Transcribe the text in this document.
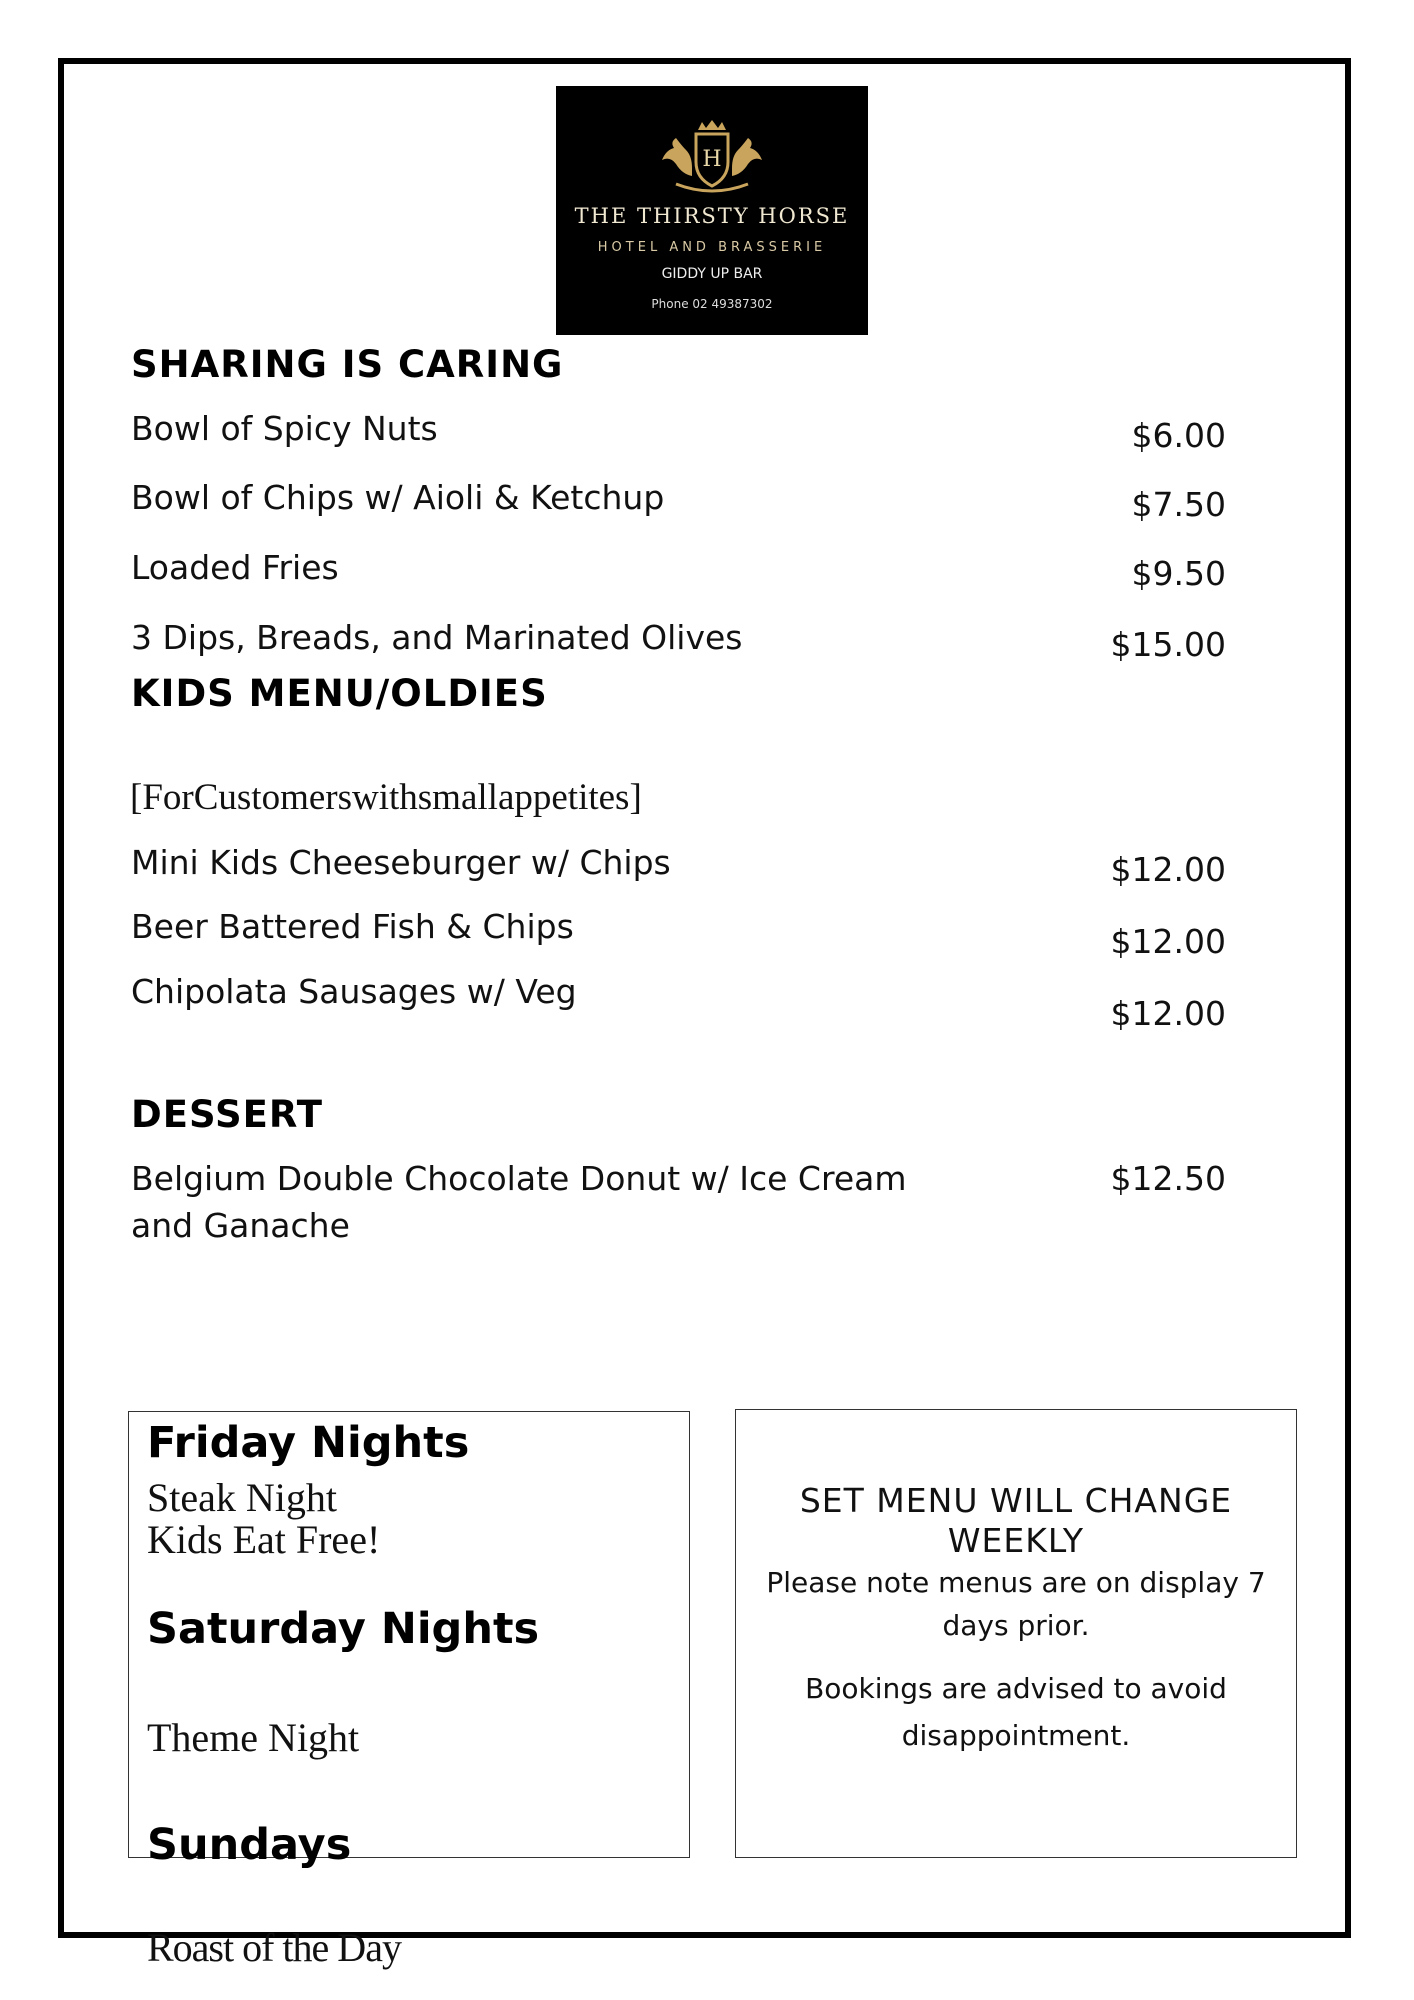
H
THE THIRSTY HORSE
HOTEL AND BRASSERIE
GIDDY UP BAR
Phone 02 49387302
SHARING IS CARING
Bowl of Spicy Nuts	$6.00
Bowl of Chips w/ Aioli & Ketchup	$7.50
Loaded Fries	$9.50
3 Dips, Breads, and Marinated Olives	$15.00
KIDS MENU/OLDIES
[ForCustomerswithsmallappetites]
Mini Kids Cheeseburger w/ Chips	$12.00
Beer Battered Fish & Chips	$12.00
Chipolata Sausages w/ Veg
$12.00
DESSERT
Belgium Double Chocolate Donut w/ Ice Cream
and Ganache
$12.50
Friday Nights
Steak Night
Kids Eat Free!
Saturday Nights
Theme Night
Sundays
Roast of the Day
SET MENU WILL CHANGE
WEEKLY
Please note menus are on display 7
days prior.
Bookings are advised to avoid
disappointment.
